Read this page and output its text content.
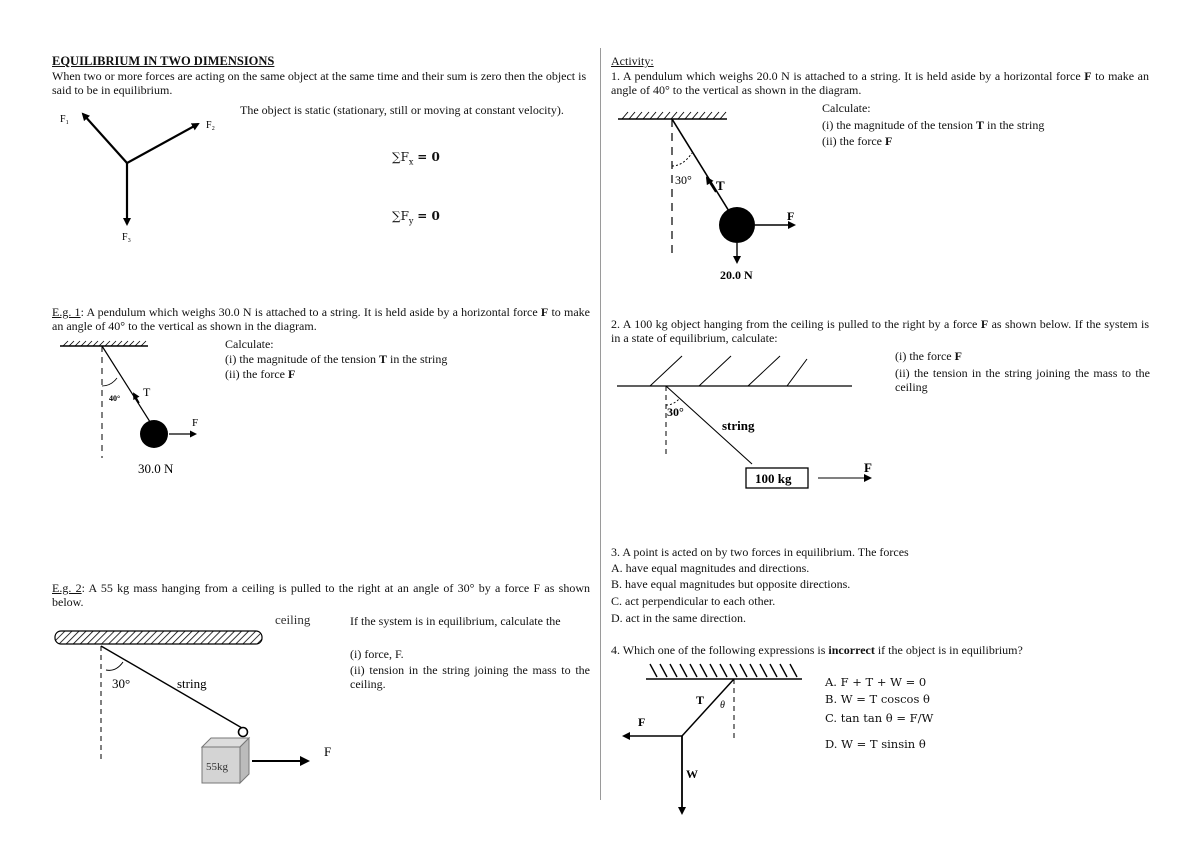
EQUILIBRIUM IN TWO DIMENSIONS
When two or more forces are acting on the same object at the same time and their sum is zero then the object is said to be in equilibrium.
The object is static (stationary, still or moving at constant velocity).
F₁
F₂
F₃
$\sum F_x = 0$
$\sum F_y = 0$
E.g. 1: A pendulum which weighs 30.0 N is attached to a string. It is held aside by a horizontal force F to make an angle of 40° to the vertical as shown in the diagram.
Calculate:
(i) the magnitude of the tension T in the string
(ii) the force F
40° T
F
30.0 N
E.g. 2: A 55 kg mass hanging from a ceiling is pulled to the right at an angle of 30° by a force F as shown below.
If the system is in equilibrium, calculate the
(i) force, F.
(ii) tension in the string joining the mass to the ceiling.
ceiling
30°	string
55kg
F
Activity:
1. A pendulum which weighs 20.0 N is attached to a string. It is held aside by a horizontal force F to make an angle of 40° to the vertical as shown in the diagram.
Calculate:
(i) the magnitude of the tension T in the string
(ii) the force F
30° T
F
20.0 N
2. A 100 kg object hanging from the ceiling is pulled to the right by a force F as shown below. If the system is in a state of equilibrium, calculate:
(i) the force F
(ii) the tension in the string joining the mass to the ceiling
30°
string
100 kg
F
3. A point is acted on by two forces in equilibrium. The forces
A. have equal magnitudes and directions.
B. have equal magnitudes but opposite directions.
C. act perpendicular to each other.
D. act in the same direction.
4. Which one of the following expressions is incorrect if the object is in equilibrium?
A. F + T + W = 0
B. W = T coscos θ
C. tan tan θ = F/W
D. W = T sinsin θ
T θ
F
W
